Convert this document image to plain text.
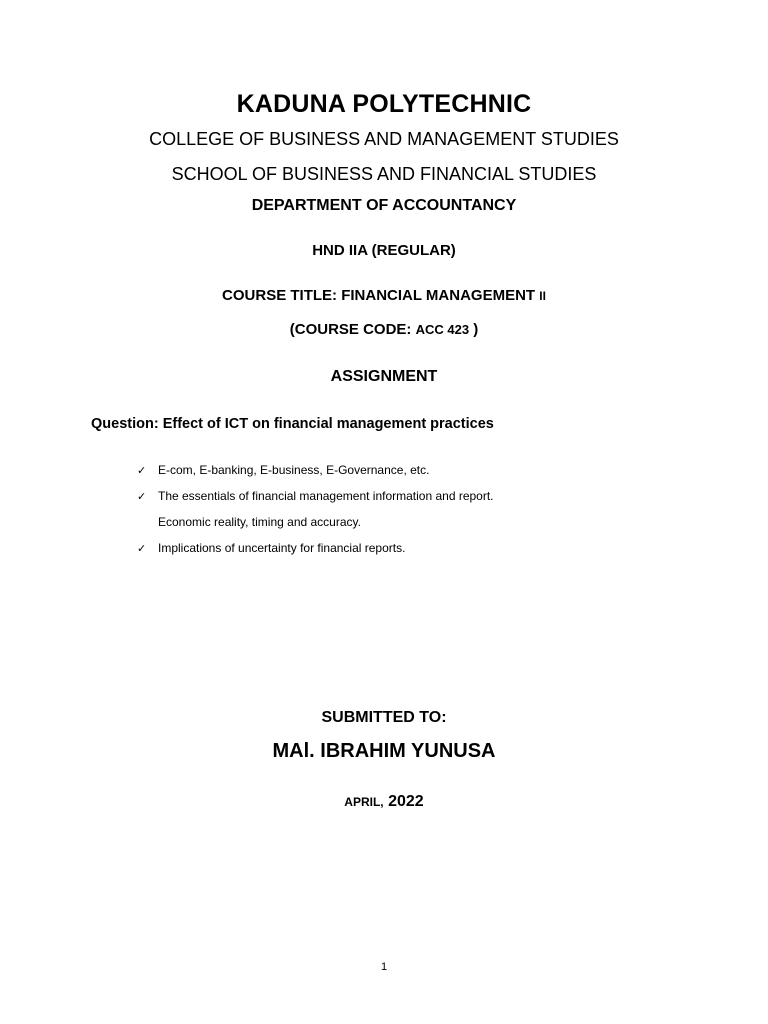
KADUNA POLYTECHNIC
COLLEGE OF BUSINESS AND MANAGEMENT STUDIES
SCHOOL OF BUSINESS AND FINANCIAL STUDIES
DEPARTMENT OF ACCOUNTANCY
HND IIA (REGULAR)
COURSE TITLE: FINANCIAL MANAGEMENT II
(COURSE CODE: ACC 423 )
ASSIGNMENT
Question: Effect of ICT on financial management practices
✓ E-com, E-banking, E-business, E-Governance, etc.
✓ The essentials of financial management information and report.
Economic reality, timing and accuracy.
✓ Implications of uncertainty for financial reports.
SUBMITTED TO:
MAl. IBRAHIM YUNUSA
APRIL, 2022
1
